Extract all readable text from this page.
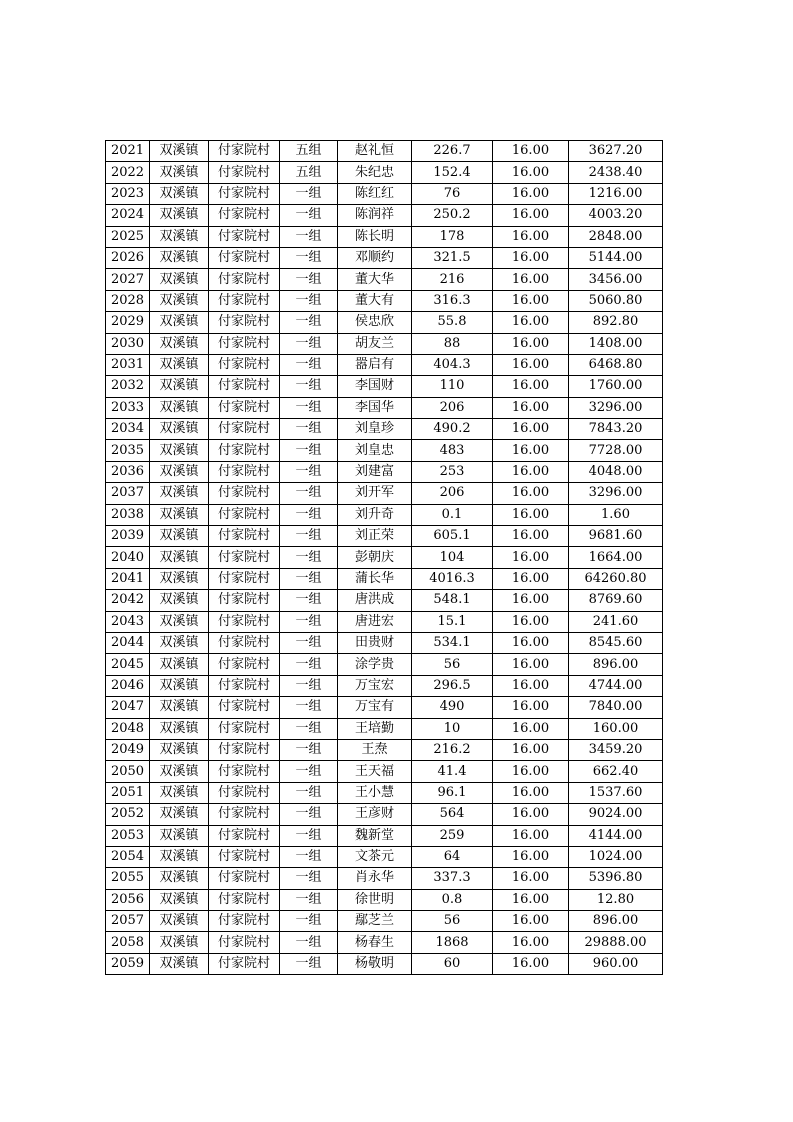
2021	双溪镇	付家院村	五组	赵礼恒	226.7	16.00	3627.20
2022	双溪镇	付家院村	五组	朱纪忠	152.4	16.00	2438.40
2023	双溪镇	付家院村	一组	陈红红	76	16.00	1216.00
2024	双溪镇	付家院村	一组	陈润祥	250.2	16.00	4003.20
2025	双溪镇	付家院村	一组	陈长明	178	16.00	2848.00
2026	双溪镇	付家院村	一组	邓顺约	321.5	16.00	5144.00
2027	双溪镇	付家院村	一组	董大华	216	16.00	3456.00
2028	双溪镇	付家院村	一组	董大有	316.3	16.00	5060.80
2029	双溪镇	付家院村	一组	侯忠欣	55.8	16.00	892.80
2030	双溪镇	付家院村	一组	胡友兰	88	16.00	1408.00
2031	双溪镇	付家院村	一组	嚣启有	404.3	16.00	6468.80
2032	双溪镇	付家院村	一组	李国财	110	16.00	1760.00
2033	双溪镇	付家院村	一组	李国华	206	16.00	3296.00
2034	双溪镇	付家院村	一组	刘皇珍	490.2	16.00	7843.20
2035	双溪镇	付家院村	一组	刘皇忠	483	16.00	7728.00
2036	双溪镇	付家院村	一组	刘建富	253	16.00	4048.00
2037	双溪镇	付家院村	一组	刘开军	206	16.00	3296.00
2038	双溪镇	付家院村	一组	刘升奇	0.1	16.00	1.60
2039	双溪镇	付家院村	一组	刘正荣	605.1	16.00	9681.60
2040	双溪镇	付家院村	一组	彭朝庆	104	16.00	1664.00
2041	双溪镇	付家院村	一组	蒲长华	4016.3	16.00	64260.80
2042	双溪镇	付家院村	一组	唐洪成	548.1	16.00	8769.60
2043	双溪镇	付家院村	一组	唐进宏	15.1	16.00	241.60
2044	双溪镇	付家院村	一组	田贵财	534.1	16.00	8545.60
2045	双溪镇	付家院村	一组	涂学贵	56	16.00	896.00
2046	双溪镇	付家院村	一组	万宝宏	296.5	16.00	4744.00
2047	双溪镇	付家院村	一组	万宝有	490	16.00	7840.00
2048	双溪镇	付家院村	一组	王培勤	10	16.00	160.00
2049	双溪镇	付家院村	一组	王焘	216.2	16.00	3459.20
2050	双溪镇	付家院村	一组	王天福	41.4	16.00	662.40
2051	双溪镇	付家院村	一组	王小慧	96.1	16.00	1537.60
2052	双溪镇	付家院村	一组	王彦财	564	16.00	9024.00
2053	双溪镇	付家院村	一组	魏新堂	259	16.00	4144.00
2054	双溪镇	付家院村	一组	文茶元	64	16.00	1024.00
2055	双溪镇	付家院村	一组	肖永华	337.3	16.00	5396.80
2056	双溪镇	付家院村	一组	徐世明	0.8	16.00	12.80
2057	双溪镇	付家院村	一组	鄢芝兰	56	16.00	896.00
2058	双溪镇	付家院村	一组	杨春生	1868	16.00	29888.00
2059	双溪镇	付家院村	一组	杨敬明	60	16.00	960.00
